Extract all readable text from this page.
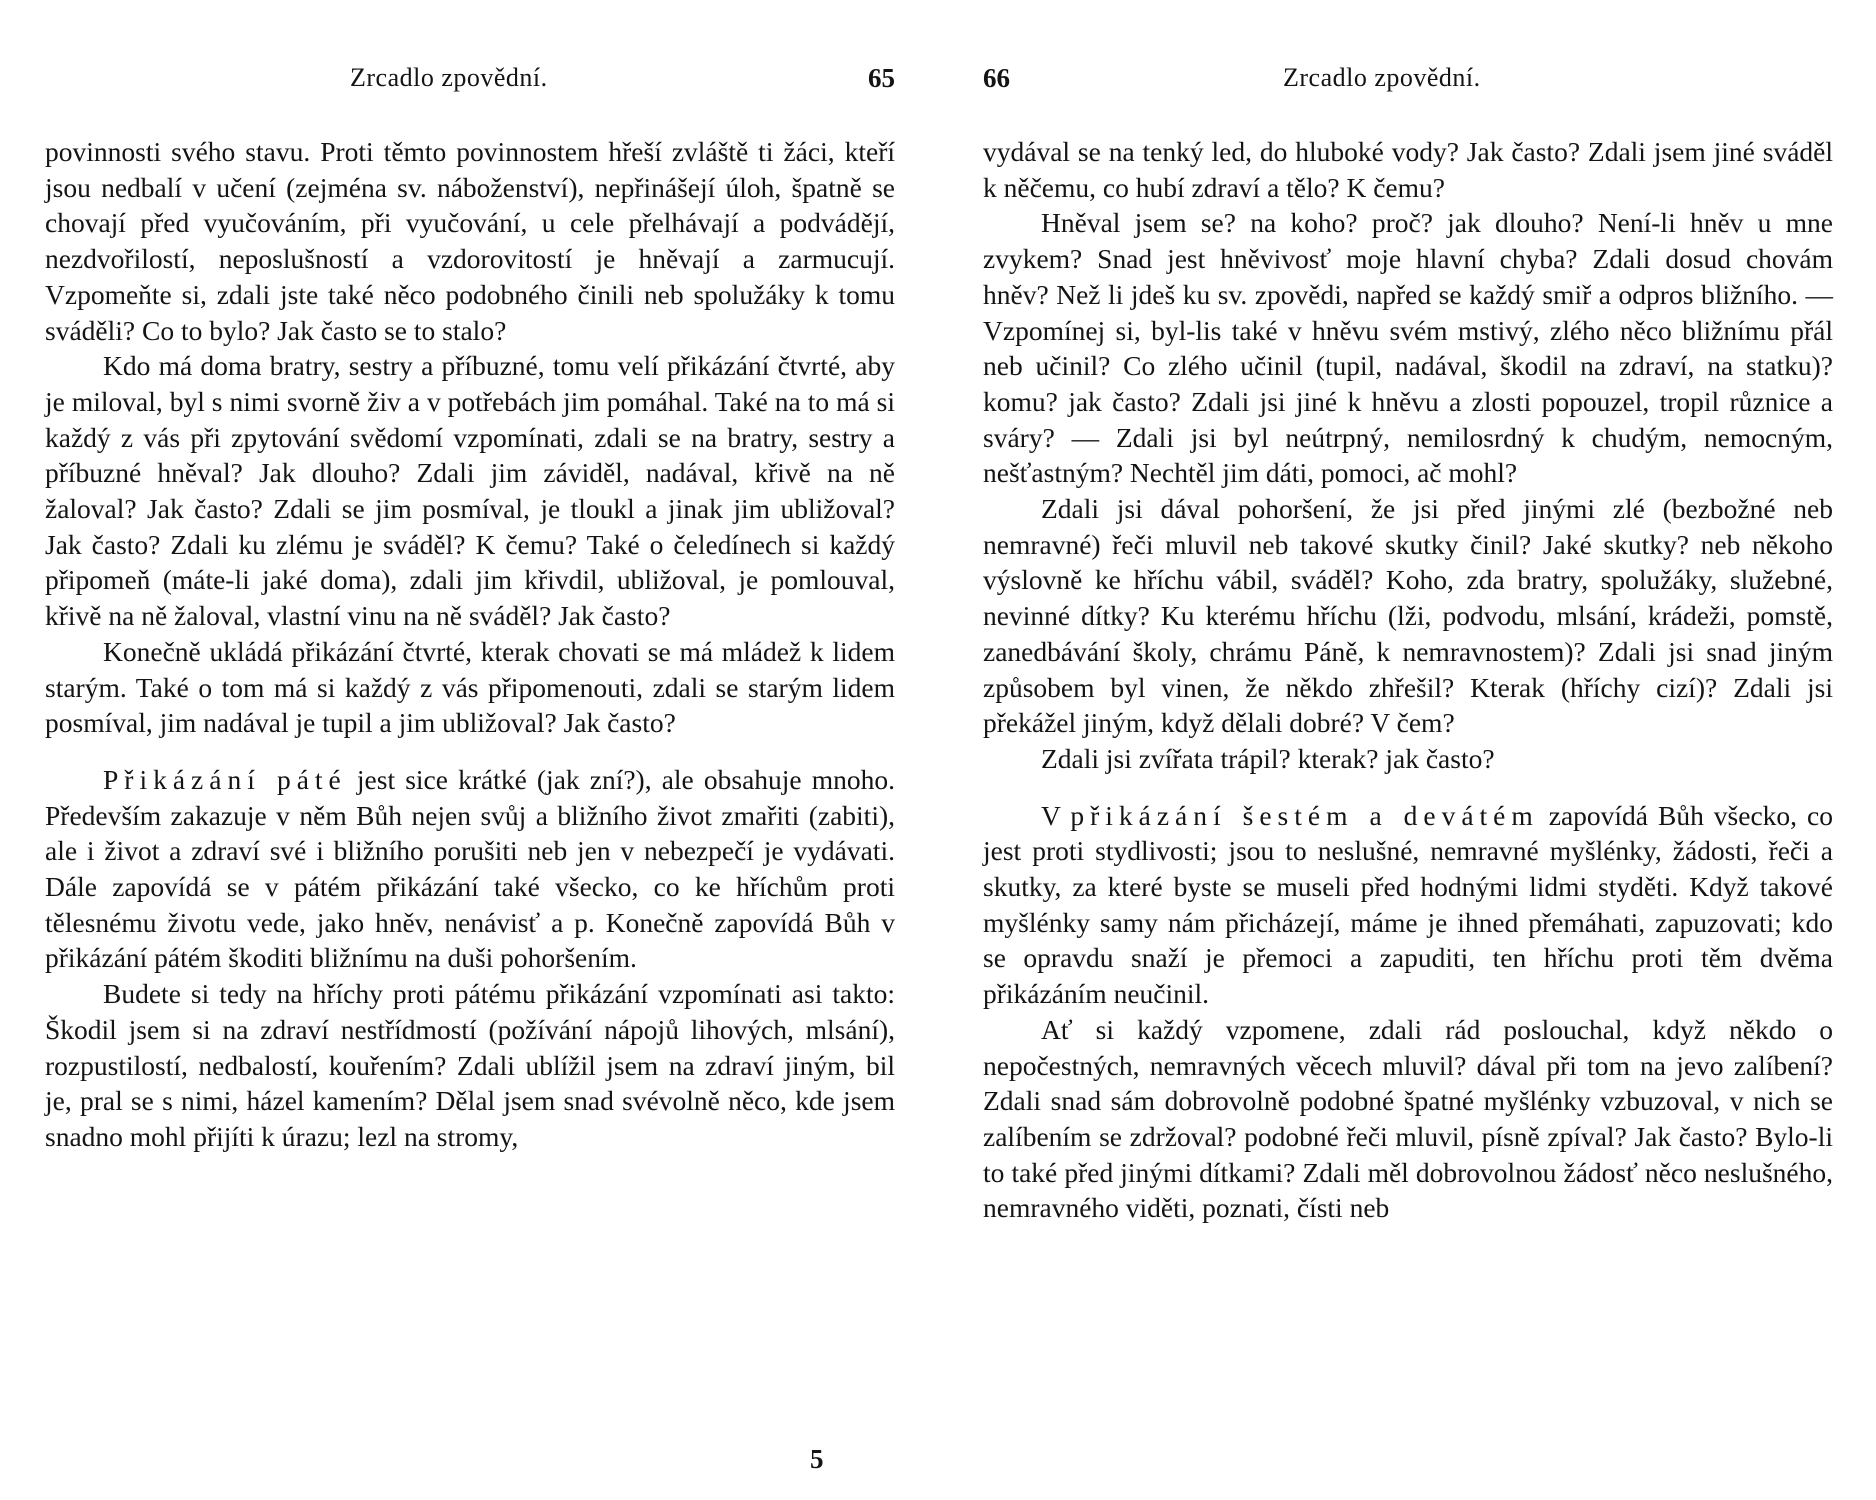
Zrcadlo zpovědní.	65

povinnosti svého stavu. Proti těmto povinnostem hřeší zvláště ti žáci, kteří jsou nedbalí v učení (zejména sv. náboženství), nepřinášejí úloh, špatně se chovají před vyučováním, při vyučování, u cele přelhávají a podvádějí, nezdvořilostí, neposlušností a vzdorovitostí je hněvají a zarmucují. Vzpomeňte si, zdali jste také něco podobného činili neb spolužáky k tomu sváděli? Co to bylo? Jak často se to stalo?

Kdo má doma bratry, sestry a příbuzné, tomu velí přikázání čtvrté, aby je miloval, byl s nimi svorně živ a v potřebách jim pomáhal. Také na to má si každý z vás při zpytování svědomí vzpomínati, zdali se na bratry, sestry a příbuzné hněval? Jak dlouho? Zdali jim záviděl, nadával, křivě na ně žaloval? Jak často? Zdali se jim posmíval, je tloukl a jinak jim ubližoval? Jak často? Zdali ku zlému je sváděl? K čemu? Také o čeledínech si každý připomeň (máte-li jaké doma), zdali jim křivdil, ubližoval, je pomlouval, křivě na ně žaloval, vlastní vinu na ně sváděl? Jak často?

Konečně ukládá přikázání čtvrté, kterak chovati se má mládež k lidem starým. Také o tom má si každý z vás připomenouti, zdali se starým lidem posmíval, jim nadával je tupil a jim ubližoval? Jak často?

Přikázání páté jest sice krátké (jak zní?), ale obsahuje mnoho. Především zakazuje v něm Bůh nejen svůj a bližního život zmařiti (zabiti), ale i život a zdraví své i bližního porušiti neb jen v nebezpečí je vydávati. Dále zapovídá se v pátém přikázání také všecko, co ke hříchům proti tělesnému životu vede, jako hněv, nenávisť a p. Konečně zapovídá Bůh v přikázání pátém škoditi bližnímu na duši pohoršením.

Budete si tedy na hříchy proti pátému přikázání vzpomínati asi takto: Škodil jsem si na zdraví nestřídmostí (požívání nápojů lihových, mlsání), rozpustilostí, nedbalostí, kouřením? Zdali ublížil jsem na zdraví jiným, bil je, pral se s nimi, házel kamením? Dělal jsem snad svévolně něco, kde jsem snadno mohl přijíti k úrazu; lezl na stromy,

5
66	Zrcadlo zpovědní.

vydával se na tenký led, do hluboké vody? Jak často? Zdali jsem jiné sváděl k něčemu, co hubí zdraví a tělo? K čemu?

Hněval jsem se? na koho? proč? jak dlouho? Není-li hněv u mne zvykem? Snad jest hněvivosť moje hlavní chyba? Zdali dosud chovám hněv? Než li jdeš ku sv. zpovědi, napřed se každý smiř a odpros bližního. — Vzpomínej si, byl-lis také v hněvu svém mstivý, zlého něco bližnímu přál neb učinil? Co zlého učinil (tupil, nadával, škodil na zdraví, na statku)? komu? jak často? Zdali jsi jiné k hněvu a zlosti popouzel, tropil různice a sváry? — Zdali jsi byl neútrpný, nemilosrdný k chudým, nemocným, nešťastným? Nechtěl jim dáti, pomoci, ač mohl?

Zdali jsi dával pohoršení, že jsi před jinými zlé (bezbožné neb nemravné) řeči mluvil neb takové skutky činil? Jaké skutky? neb někoho výslovně ke hříchu vábil, sváděl? Koho, zda bratry, spolužáky, služebné, nevinné dítky? Ku kterému hříchu (lži, podvodu, mlsání, krádeži, pomstě, zanedbávání školy, chrámu Páně, k nemravnostem)? Zdali jsi snad jiným způsobem byl vinen, že někdo zhřešil? Kterak (hříchy cizí)? Zdali jsi překážel jiným, když dělali dobré? V čem?

Zdali jsi zvířata trápil? kterak? jak často?

V přikázání šestém a devátém zapovídá Bůh všecko, co jest proti stydlivosti; jsou to neslušné, nemravné myšlénky, žádosti, řeči a skutky, za které byste se museli před hodnými lidmi styděti. Když takové myšlénky samy nám přicházejí, máme je ihned přemáhati, zapuzovati; kdo se opravdu snaží je přemoci a zapuditi, ten hříchu proti těm dvěma přikázáním neučinil.

Ať si každý vzpomene, zdali rád poslouchal, když někdo o nepočestných, nemravných věcech mluvil? dával při tom na jevo zalíbení? Zdali snad sám dobrovolně podobné špatné myšlénky vzbuzoval, v nich se zalíbením se zdržoval? podobné řeči mluvil, písně zpíval? Jak často? Bylo-li to také před jinými dítkami? Zdali měl dobrovolnou žádosť něco neslušného, nemravného viděti, poznati, čísti neb
